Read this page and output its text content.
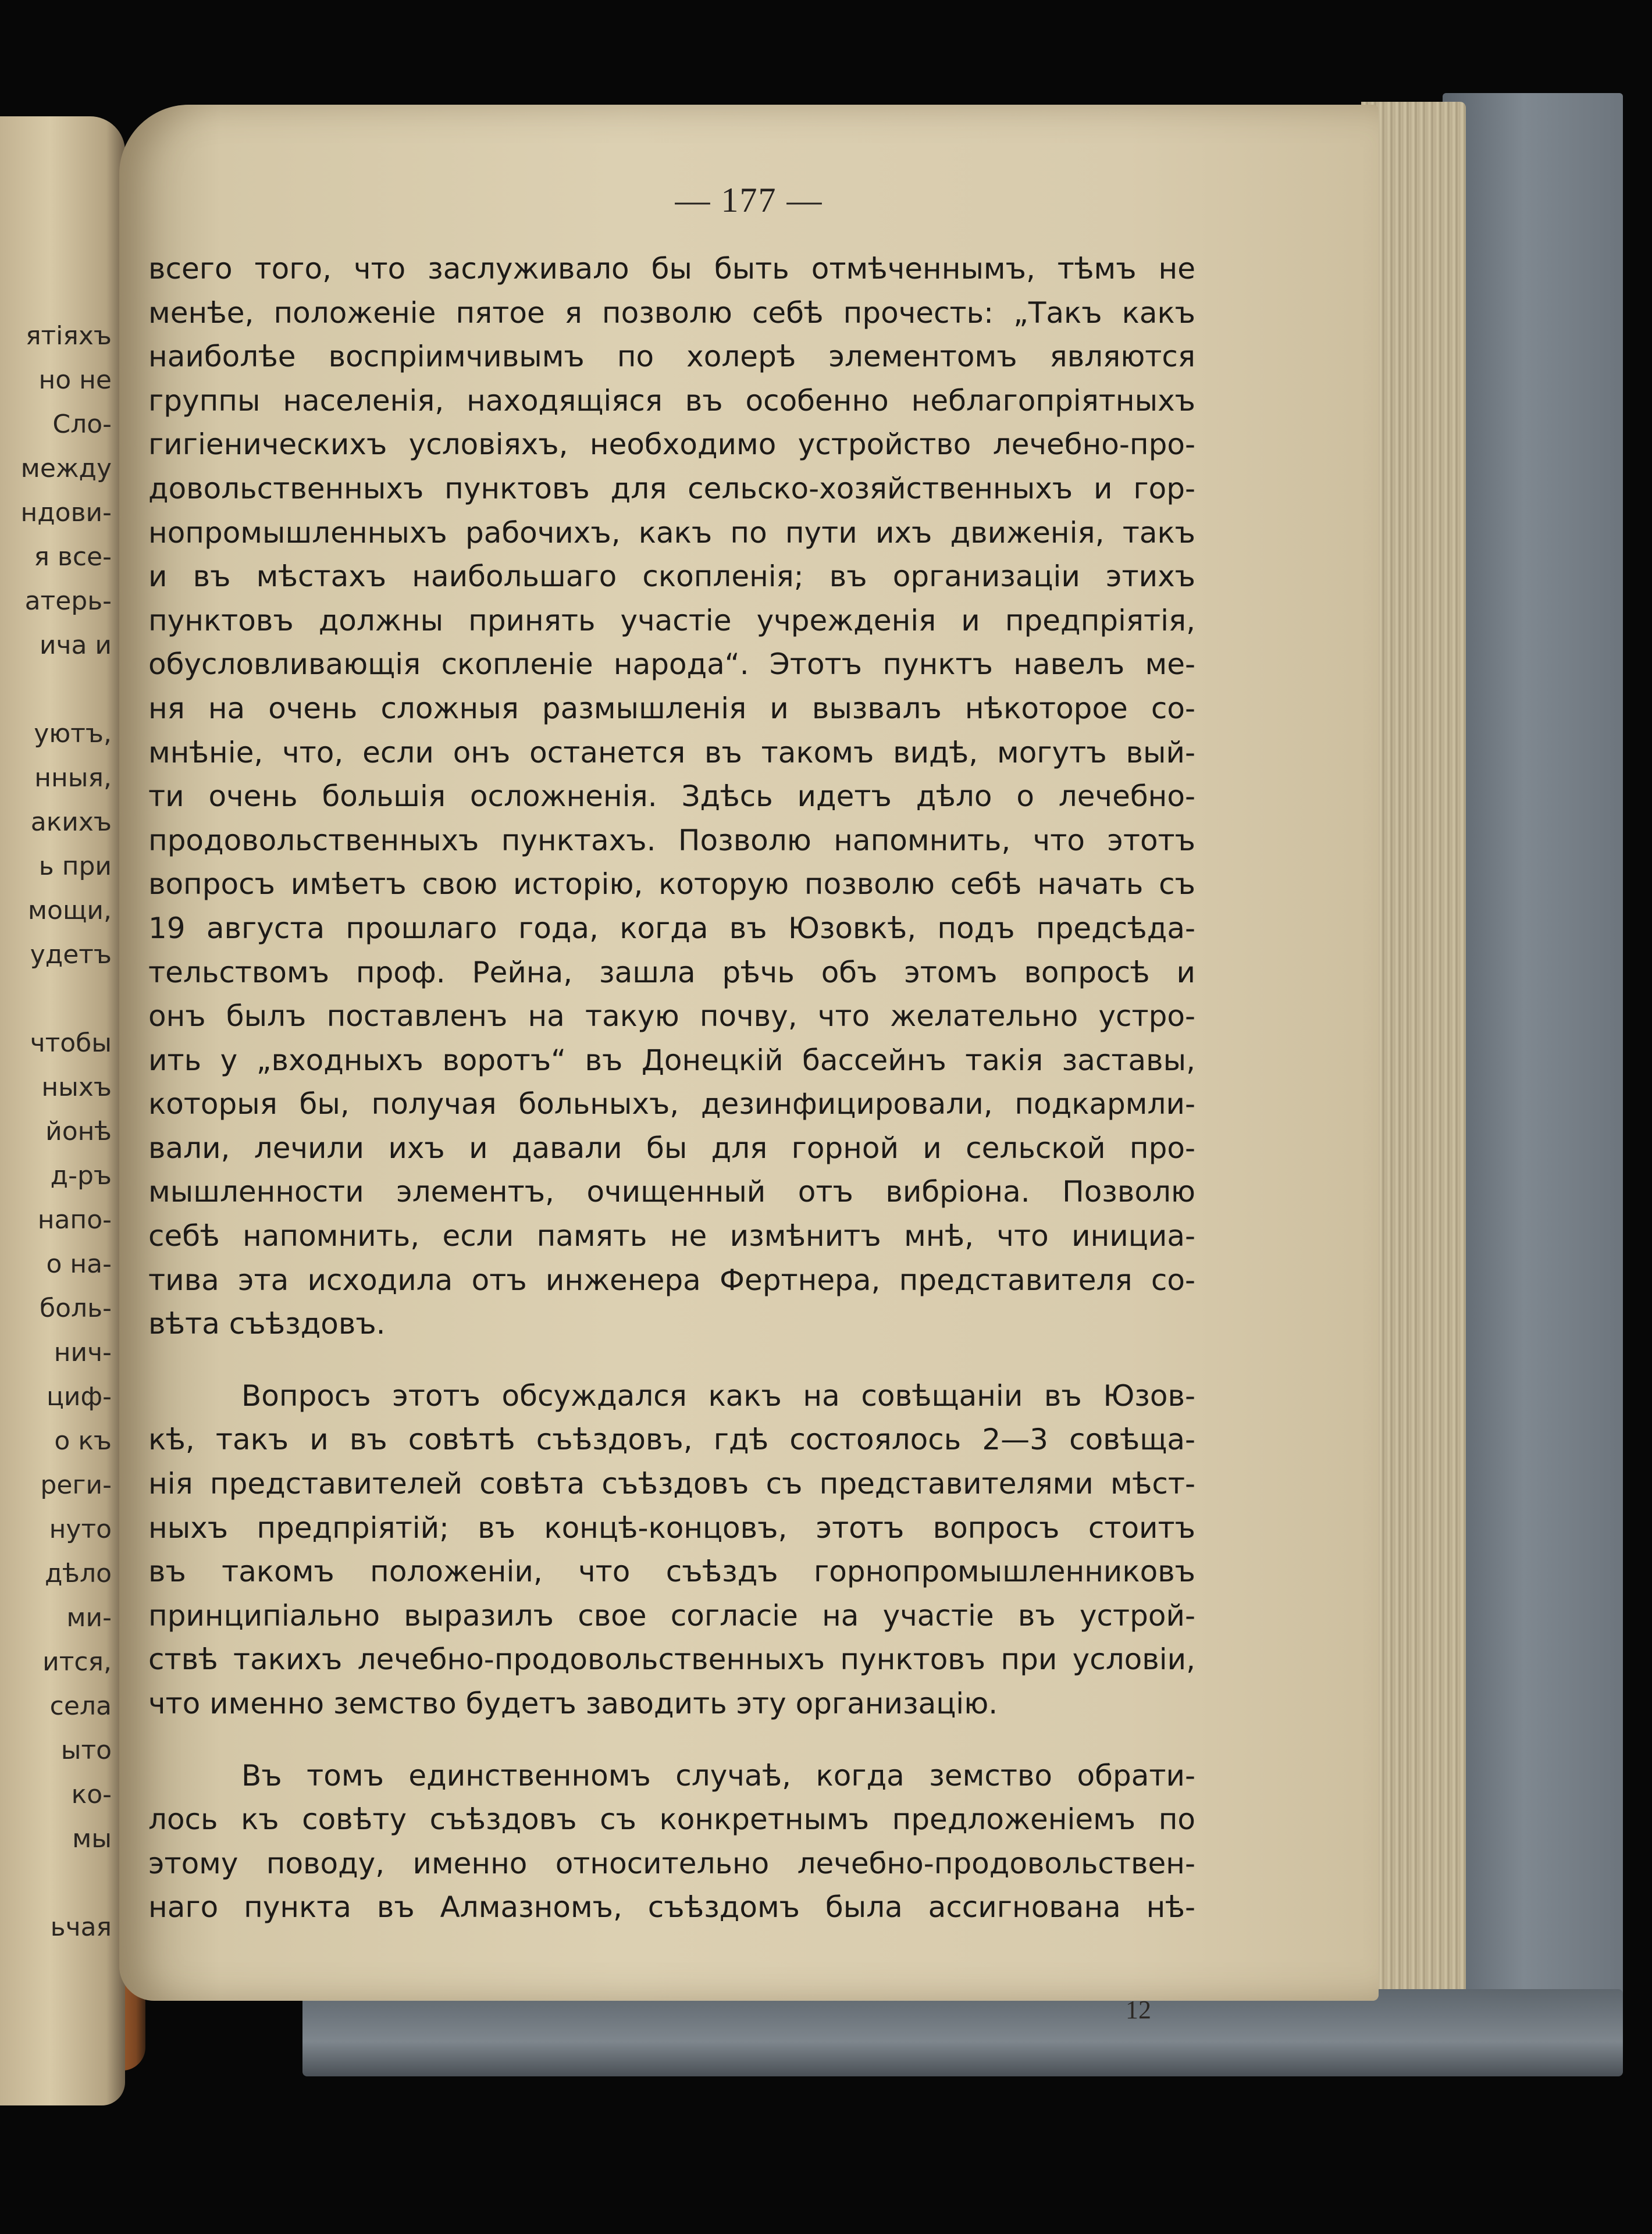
ятіяхъ
но не
Сло-
между
ндови-
я все-
атерь-
ича и

уютъ,
нныя,
акихъ
ь при
мощи,
удетъ

чтобы
ныхъ
йонѣ
д-ръ
напо-
о на-
боль-
нич-
циф-
о къ
реги-
нуто
дѣло
ми-
ится,
села
ыто
ко-
мы

ьчая

— 177 —

всего того, что заслуживало бы быть отмѣченнымъ, тѣмъ не
менѣе, положеніе пятое я позволю себѣ прочесть: „Такъ какъ
наиболѣе воспріимчивымъ по холерѣ элементомъ являются
группы населенія, находящіяся въ особенно неблагопріятныхъ
гигіеническихъ условіяхъ, необходимо устройство лечебно-про-
довольственныхъ пунктовъ для сельско-хозяйственныхъ и гор-
нопромышленныхъ рабочихъ, какъ по пути ихъ движенія, такъ
и въ мѣстахъ наибольшаго скопленія; въ организаціи этихъ
пунктовъ должны принять участіе учрежденія и предпріятія,
обусловливающія скопленіе народа“. Этотъ пунктъ навелъ ме-
ня на очень сложныя размышленія и вызвалъ нѣкоторое со-
мнѣніе, что, если онъ останется въ такомъ видѣ, могутъ вый-
ти очень большія осложненія. Здѣсь идетъ дѣло о лечебно-
продовольственныхъ пунктахъ. Позволю напомнить, что этотъ
вопросъ имѣетъ свою исторію, которую позволю себѣ начать съ
19 августа прошлаго года, когда въ Юзовкѣ, подъ предсѣда-
тельствомъ проф. Рейна, зашла рѣчь объ этомъ вопросѣ и
онъ былъ поставленъ на такую почву, что желательно устро-
ить у „входныхъ воротъ“ въ Донецкій бассейнъ такія заставы,
которыя бы, получая больныхъ, дезинфицировали, подкармли-
вали, лечили ихъ и давали бы для горной и сельской про-
мышленности элементъ, очищенный отъ вибріона. Позволю
себѣ напомнить, если память не измѣнитъ мнѣ, что инициа-
тива эта исходила отъ инженера Фертнера, представителя со-
вѣта съѣздовъ.
Вопросъ этотъ обсуждался какъ на совѣщаніи въ Юзов-
кѣ, такъ и въ совѣтѣ съѣздовъ, гдѣ состоялось 2—3 совѣща-
нія представителей совѣта съѣздовъ съ представителями мѣст-
ныхъ предпріятій; въ концѣ-концовъ, этотъ вопросъ стоитъ
въ такомъ положеніи, что съѣздъ горнопромышленниковъ
принципіально выразилъ свое согласіе на участіе въ устрой-
ствѣ такихъ лечебно-продовольственныхъ пунктовъ при условіи,
что именно земство будетъ заводить эту организацію.
Въ томъ единственномъ случаѣ, когда земство обрати-
лось къ совѣту съѣздовъ съ конкретнымъ предложеніемъ по
этому поводу, именно относительно лечебно-продовольствен-
наго пункта въ Алмазномъ, съѣздомъ была ассигнована нѣ-

12
